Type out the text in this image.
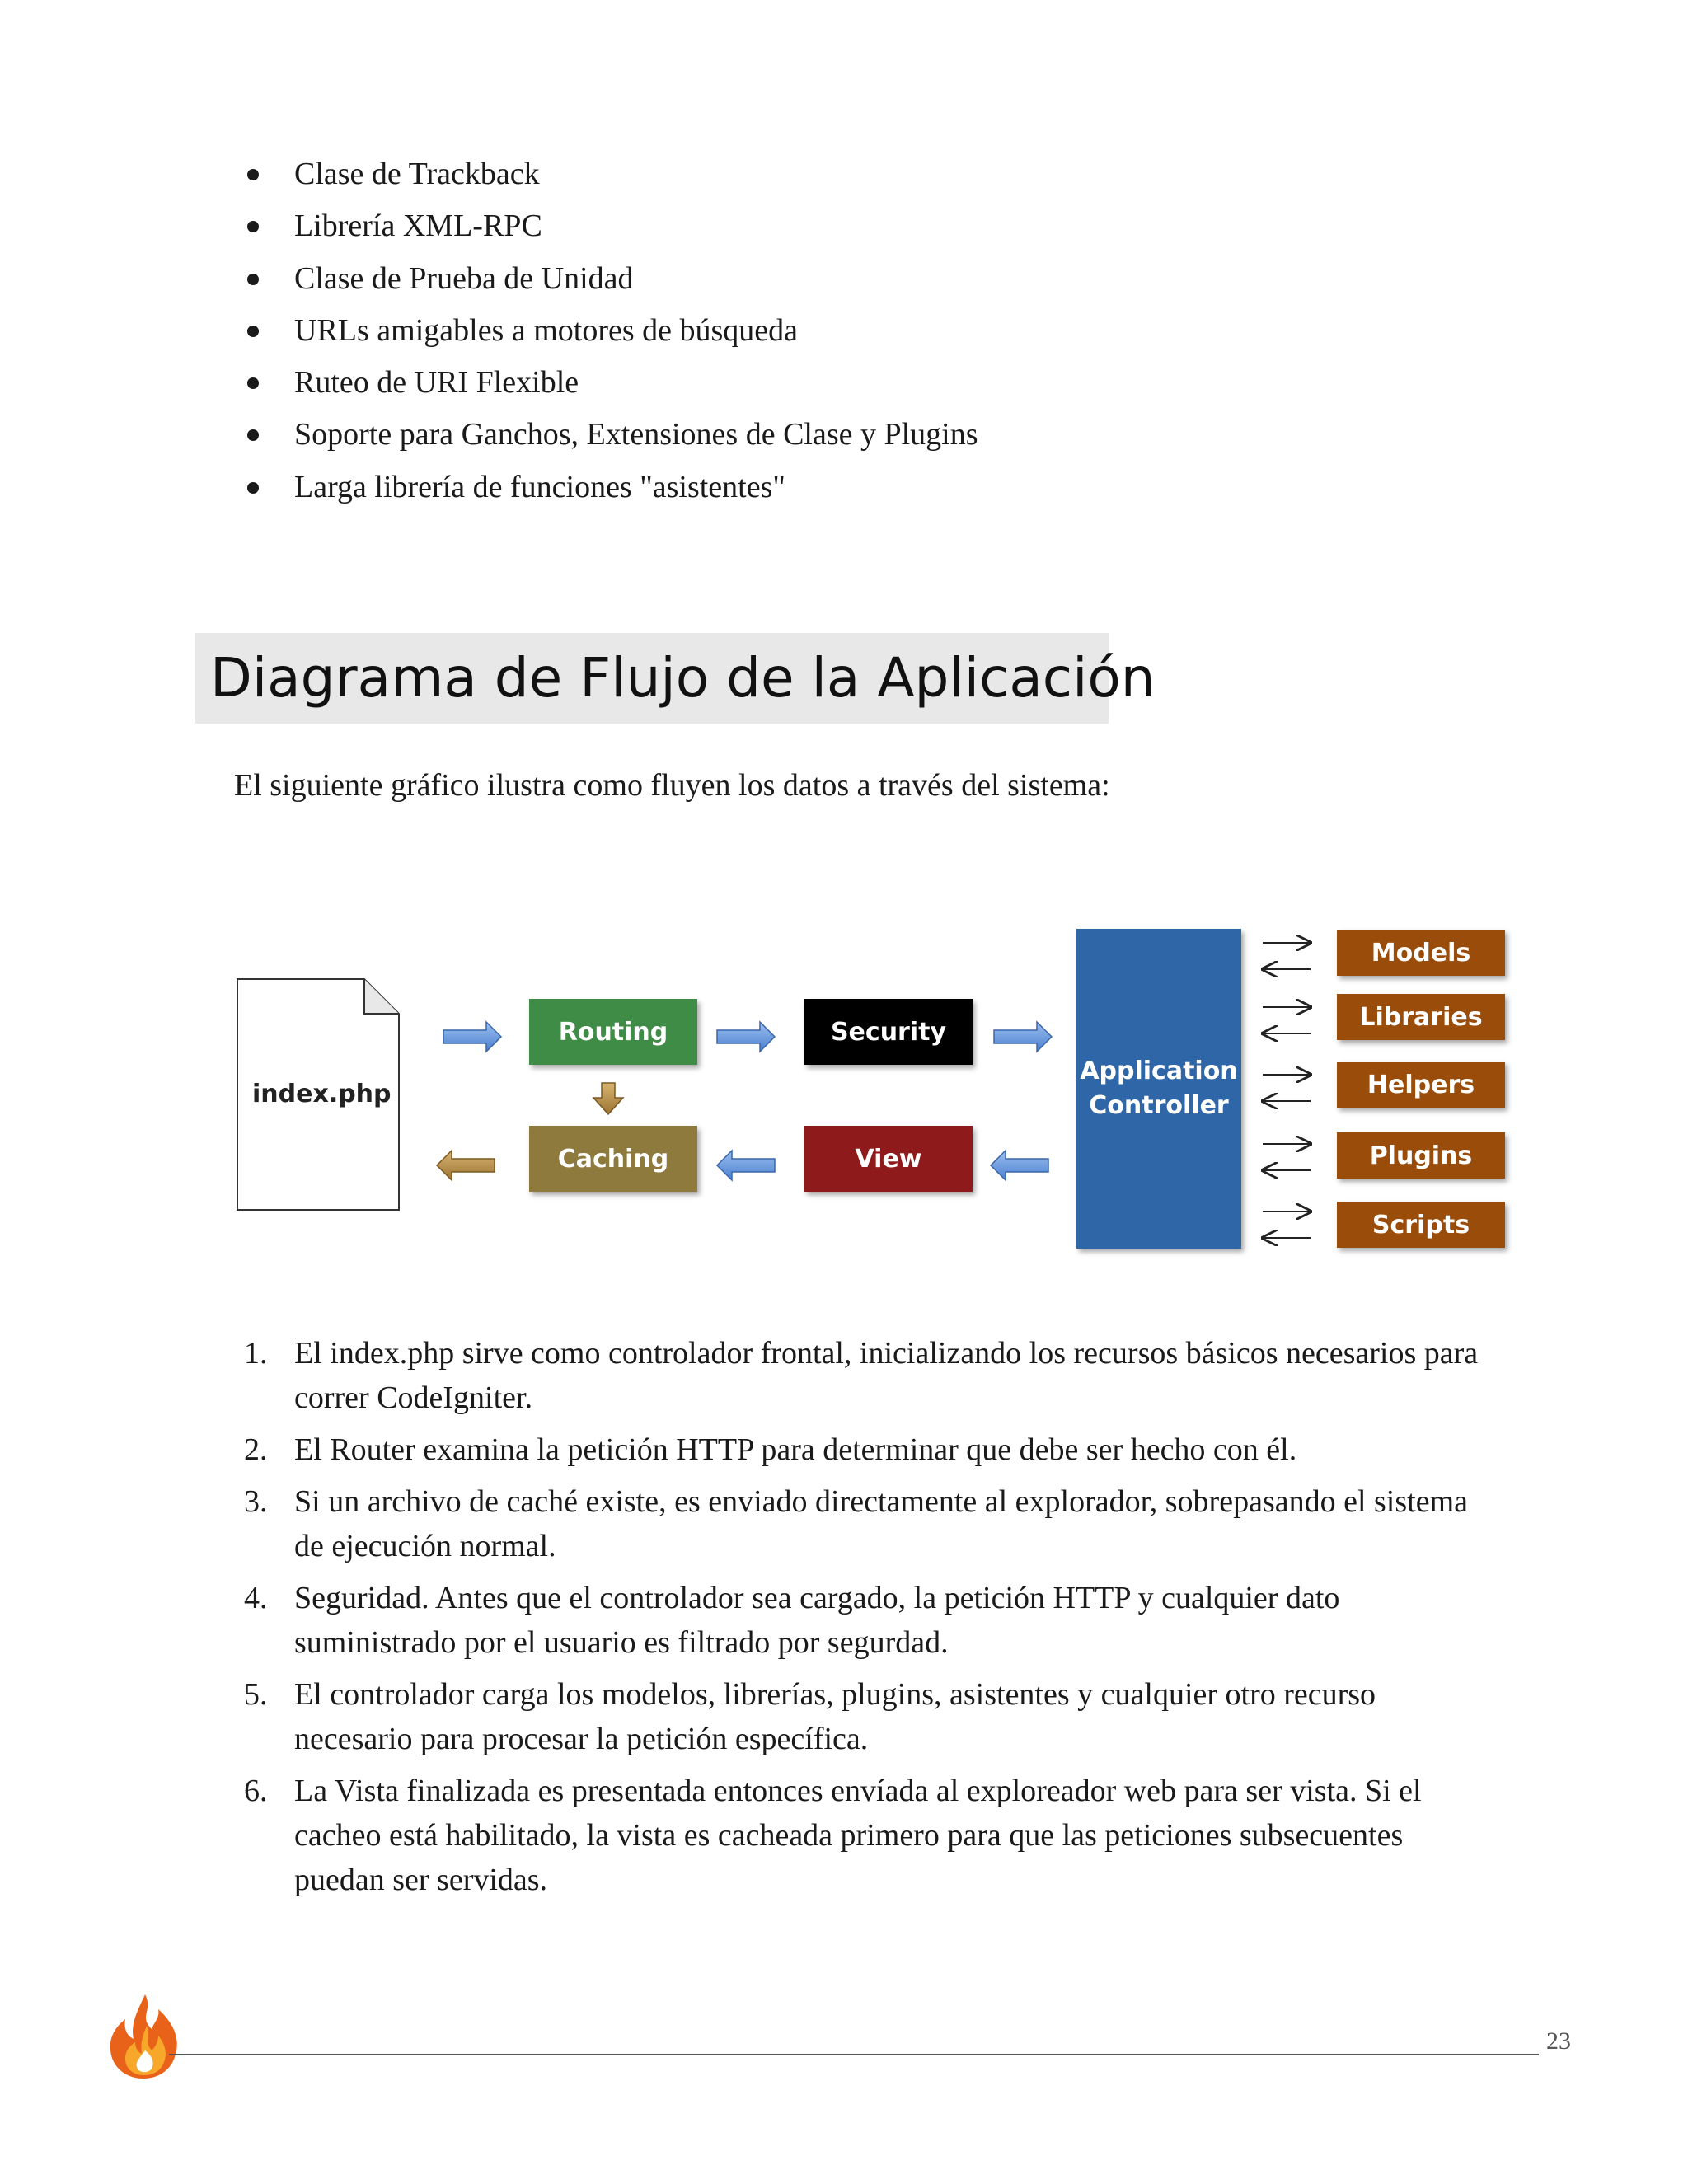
Clase de Trackback
Librería XML-RPC
Clase de Prueba de Unidad
URLs amigables a motores de búsqueda
Ruteo de URI Flexible
Soporte para Ganchos, Extensiones de Clase y Plugins
Larga librería de funciones "asistentes"
Diagrama de Flujo de la Aplicación
El siguiente gráfico ilustra como fluyen los datos a través del sistema:
index.php
Routing	Security
Caching	View
Application
Controller
Models
Libraries
Helpers
Plugins
Scripts
1. El index.php sirve como controlador frontal, inicializando los recursos básicos necesarios para correr CodeIgniter.
2. El Router examina la petición HTTP para determinar que debe ser hecho con él.
3. Si un archivo de caché existe, es enviado directamente al explorador, sobrepasando el sistema de ejecución normal.
4. Seguridad. Antes que el controlador sea cargado, la petición HTTP y cualquier dato suministrado por el usuario es filtrado por segurdad.
5. El controlador carga los modelos, librerías, plugins, asistentes y cualquier otro recurso necesario para procesar la petición específica.
6. La Vista finalizada es presentada entonces envíada al exploreador web para ser vista. Si el cacheo está habilitado, la vista es cacheada primero para que las peticiones subsecuentes puedan ser servidas.
23
